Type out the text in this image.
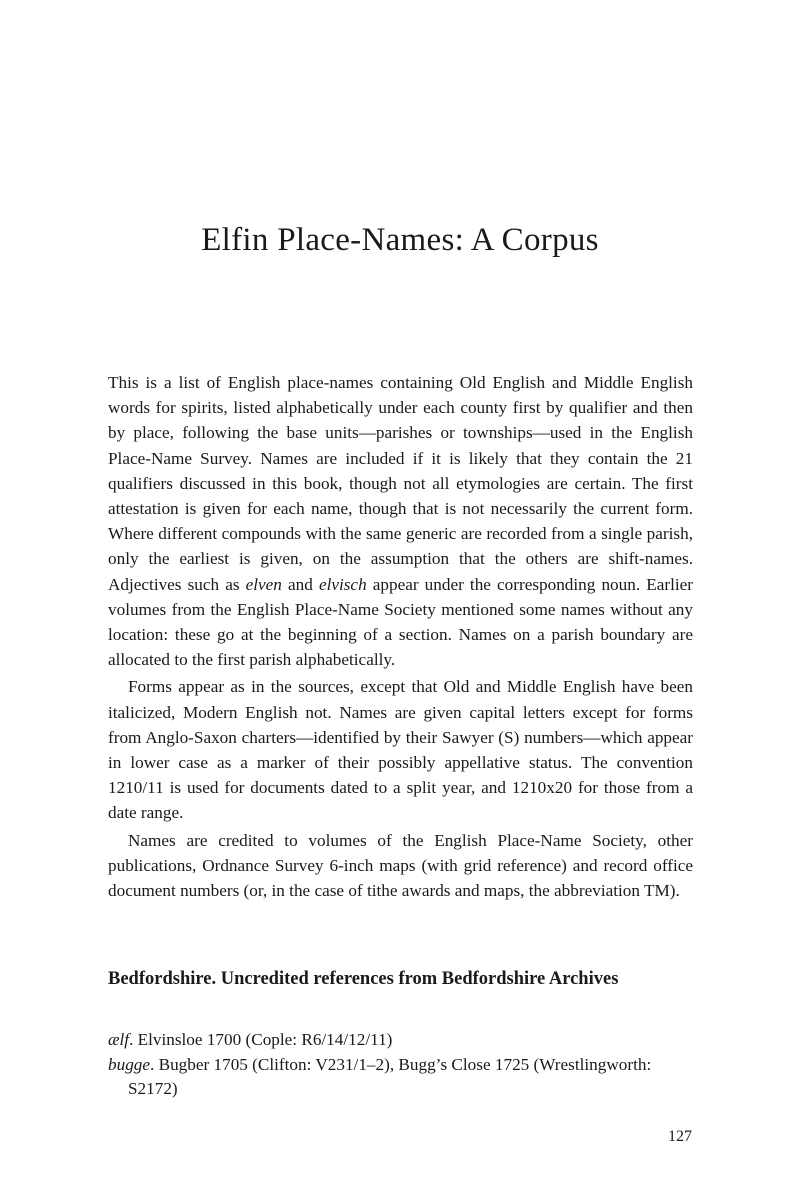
Elfin Place-Names: A Corpus

This is a list of English place-names containing Old English and Middle English words for spirits, listed alphabetically under each county first by qualifier and then by place, following the base units—parishes or townships—used in the English Place-Name Survey. Names are included if it is likely that they contain the 21 qualifiers discussed in this book, though not all etymologies are certain. The first attestation is given for each name, though that is not necessarily the current form. Where different compounds with the same generic are recorded from a single parish, only the earliest is given, on the assumption that the others are shift-names. Adjectives such as elven and elvisch appear under the corresponding noun. Earlier volumes from the English Place-Name Society mentioned some names without any location: these go at the beginning of a section. Names on a parish boundary are allocated to the first parish alphabetically.

Forms appear as in the sources, except that Old and Middle English have been italicized, Modern English not. Names are given capital letters except for forms from Anglo-Saxon charters—identified by their Sawyer (S) numbers—which appear in lower case as a marker of their possibly appellative status. The convention 1210/11 is used for documents dated to a split year, and 1210x20 for those from a date range.

Names are credited to volumes of the English Place-Name Society, other publications, Ordnance Survey 6-inch maps (with grid reference) and record office document numbers (or, in the case of tithe awards and maps, the abbreviation TM).

Bedfordshire. Uncredited references from Bedfordshire Archives

ælf. Elvinsloe 1700 (Cople: R6/14/12/11)

bugge. Bugber 1705 (Clifton: V231/1–2), Bugg’s Close 1725 (Wrestlingworth: S2172)

127
